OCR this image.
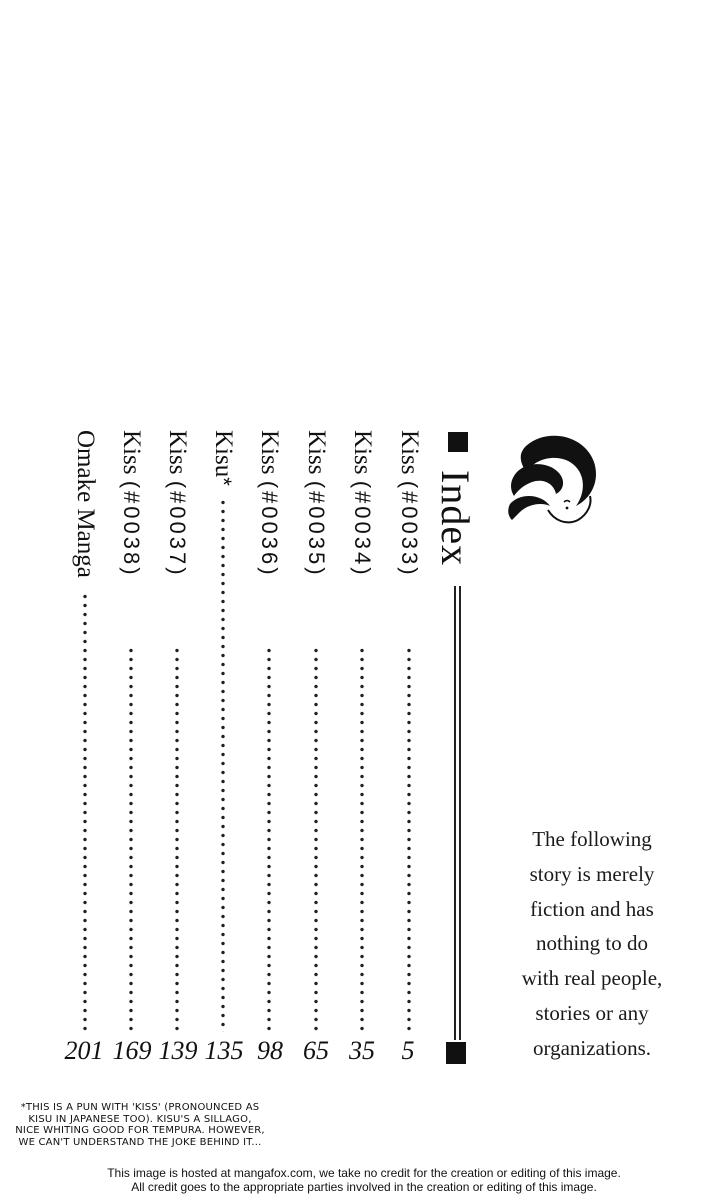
Index
Kiss (#0033)
5
Kiss (#0034)
35
Kiss (#0035)
65
Kiss (#0036)
98
Kisu*
135
Kiss (#0037)
139
Kiss (#0038)
169
Omake Manga
201
The following
story is merely
fiction and has
nothing to do
with real people,
stories or any
organizations.
*THIS IS A PUN WITH 'KISS' (PRONOUNCED AS
KISU IN JAPANESE TOO). KISU'S A SILLAGO,
NICE WHITING GOOD FOR TEMPURA. HOWEVER,
WE CAN'T UNDERSTAND THE JOKE BEHIND IT...
This image is hosted at mangafox.com, we take no credit for the creation or editing of this image.
All credit goes to the appropriate parties involved in the creation or editing of this image.
